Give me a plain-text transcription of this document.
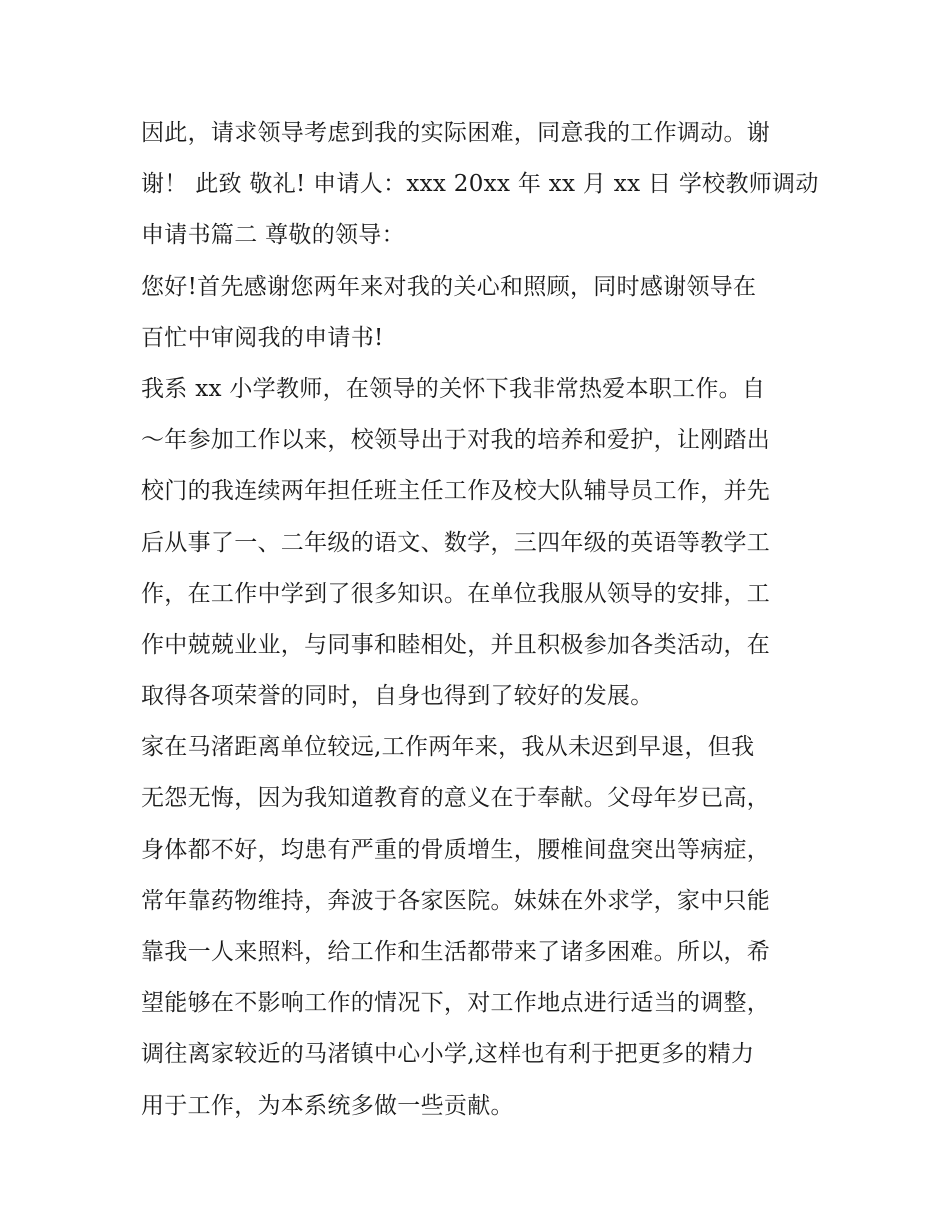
因此，请求领导考虑到我的实际困难，同意我的工作调动。谢
谢！ 此致 敬礼! 申请人：xxx 20xx 年 xx 月 xx 日 学校教师调动
申请书篇二 尊敬的领导：
您好!首先感谢您两年来对我的关心和照顾，同时感谢领导在
百忙中审阅我的申请书!
我系 xx 小学教师，在领导的关怀下我非常热爱本职工作。自
～年参加工作以来，校领导出于对我的培养和爱护，让刚踏出
校门的我连续两年担任班主任工作及校大队辅导员工作，并先
后从事了一、二年级的语文、数学，三四年级的英语等教学工
作，在工作中学到了很多知识。在单位我服从领导的安排，工
作中兢兢业业，与同事和睦相处，并且积极参加各类活动，在
取得各项荣誉的同时，自身也得到了较好的发展。
家在马渚距离单位较远,工作两年来，我从未迟到早退，但我
无怨无悔，因为我知道教育的意义在于奉献。父母年岁已高，
身体都不好，均患有严重的骨质增生，腰椎间盘突出等病症，
常年靠药物维持，奔波于各家医院。妹妹在外求学，家中只能
靠我一人来照料，给工作和生活都带来了诸多困难。所以，希
望能够在不影响工作的情况下，对工作地点进行适当的调整，
调往离家较近的马渚镇中心小学,这样也有利于把更多的精力
用于工作，为本系统多做一些贡献。
